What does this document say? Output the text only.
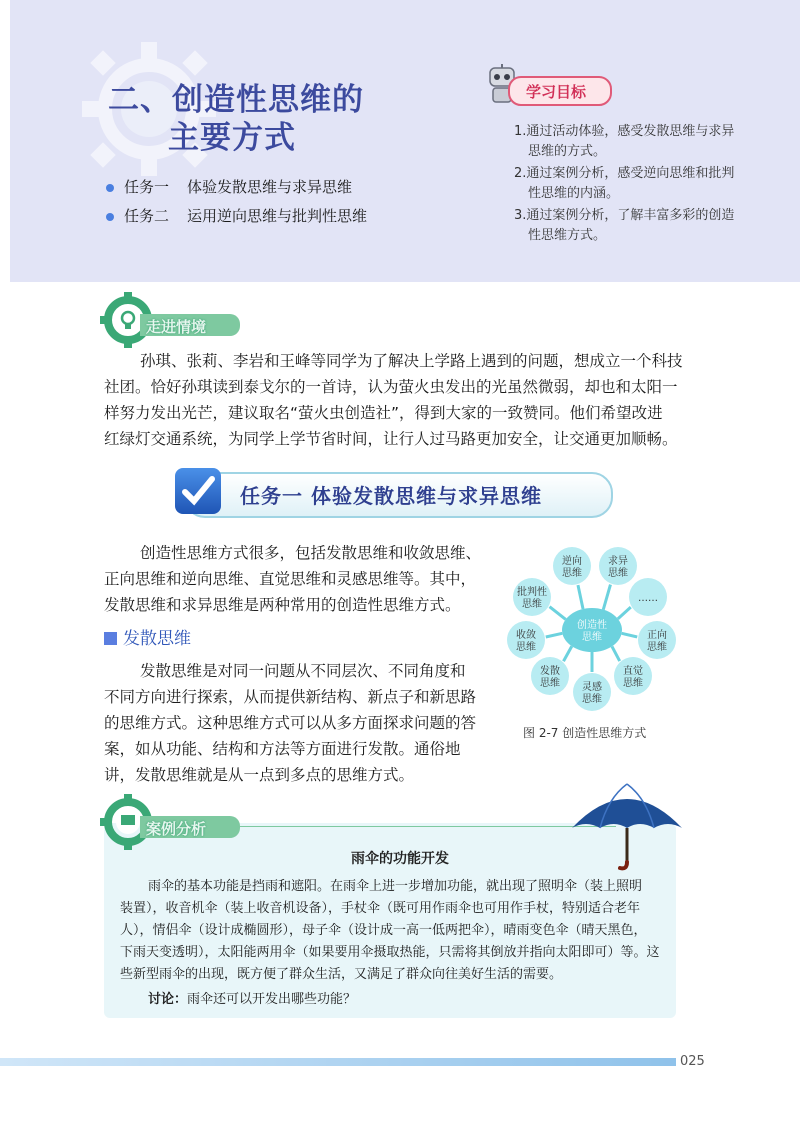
二、创造性思维的
主要方式
任务一 体验发散思维与求异思维
任务二 运用逆向思维与批判性思维
学习目标
1.通过活动体验，感受发散思维与求异
思维的方式。
2.通过案例分析，感受逆向思维和批判
性思维的内涵。
3.通过案例分析，了解丰富多彩的创造
性思维方式。
走进情境
孙琪、张莉、李岩和王峰等同学为了解决上学路上遇到的问题，想成立一个科技
社团。恰好孙琪读到泰戈尔的一首诗，认为萤火虫发出的光虽然微弱，却也和太阳一
样努力发出光芒，建议取名“萤火虫创造社”，得到大家的一致赞同。他们希望改进
红绿灯交通系统，为同学上学节省时间，让行人过马路更加安全，让交通更加顺畅。
任务一 体验发散思维与求异思维
创造性思维方式很多，包括发散思维和收敛思维、
正向思维和逆向思维、直觉思维和灵感思维等。其中，
发散思维和求异思维是两种常用的创造性思维方式。
发散思维
发散思维是对同一问题从不同层次、不同角度和
不同方向进行探索，从而提供新结构、新点子和新思路
的思维方式。这种思维方式可以从多方面探求问题的答
案，如从功能、结构和方法等方面进行发散。通俗地
讲，发散思维就是从一点到多点的思维方式。
创造性
思维
逆向
思维
求异
思维
……
正向
思维
直觉
思维
灵感
思维
发散
思维
收敛
思维
批判性
思维
图 2-7 创造性思维方式
案例分析
雨伞的功能开发
雨伞的基本功能是挡雨和遮阳。在雨伞上进一步增加功能，就出现了照明伞（装上照明
装置），收音机伞（装上收音机设备），手杖伞（既可用作雨伞也可用作手杖，特别适合老年
人），情侣伞（设计成椭圆形），母子伞（设计成一高一低两把伞），晴雨变色伞（晴天黑色，
下雨天变透明），太阳能两用伞（如果要用伞摄取热能，只需将其倒放并指向太阳即可）等。这
些新型雨伞的出现，既方便了群众生活，又满足了群众向往美好生活的需要。
讨论：雨伞还可以开发出哪些功能？
025
